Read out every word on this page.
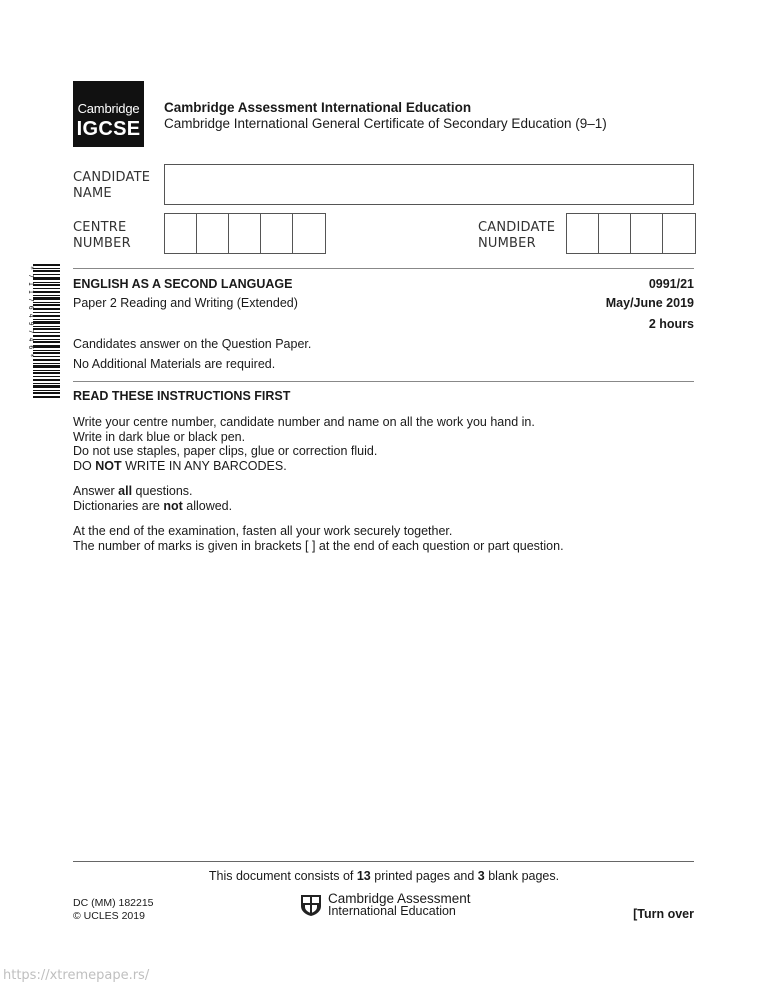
Cambridge
IGCSE
Cambridge Assessment International Education
Cambridge International General Certificate of Secondary Education (9–1)
CANDIDATE
NAME
CENTRE
NUMBER
CANDIDATE
NUMBER
* 7 1 1 7 6 4 9 7 4 6 *	ENGLISH AS A SECOND LANGUAGE
Paper 2 Reading and Writing (Extended)
0991/21
May/June 2019
2 hours
Candidates answer on the Question Paper.
No Additional Materials are required.
READ THESE INSTRUCTIONS FIRST
Write your centre number, candidate number and name on all the work you hand in.
Write in dark blue or black pen.
Do not use staples, paper clips, glue or correction fluid.
DO NOT WRITE IN ANY BARCODES.
Answer all questions.
Dictionaries are not allowed.
At the end of the examination, fasten all your work securely together.
The number of marks is given in brackets [ ] at the end of each question or part question.
This document consists of 13 printed pages and 3 blank pages.
DC (MM) 182215
© UCLES 2019
Cambridge Assessment
International Education	[Turn over
https://xtremepape.rs/
